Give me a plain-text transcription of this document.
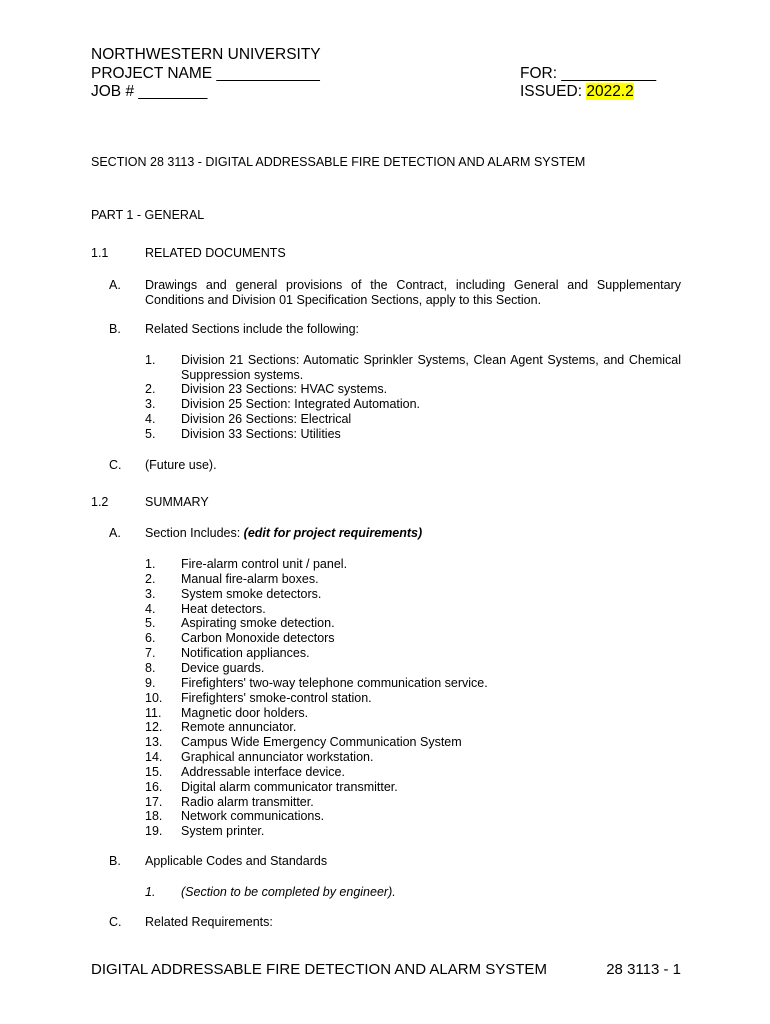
NORTHWESTERN UNIVERSITY
PROJECT NAME ____________
JOB # ________
FOR: ___________
ISSUED: 2022.2
SECTION 28 3113 - DIGITAL ADDRESSABLE FIRE DETECTION AND ALARM SYSTEM
PART 1 - GENERAL
1.1	RELATED DOCUMENTS
A. Drawings and general provisions of the Contract, including General and Supplementary Conditions and Division 01 Specification Sections, apply to this Section.
B. Related Sections include the following:
1. Division 21 Sections: Automatic Sprinkler Systems, Clean Agent Systems, and Chemical Suppression systems.
2. Division 23 Sections: HVAC systems.
3. Division 25 Section: Integrated Automation.
4. Division 26 Sections: Electrical
5. Division 33 Sections: Utilities
C. (Future use).
1.2	SUMMARY
A. Section Includes: (edit for project requirements)
1. Fire-alarm control unit / panel.
2. Manual fire-alarm boxes.
3. System smoke detectors.
4. Heat detectors.
5. Aspirating smoke detection.
6. Carbon Monoxide detectors
7. Notification appliances.
8. Device guards.
9. Firefighters' two-way telephone communication service.
10. Firefighters' smoke-control station.
11. Magnetic door holders.
12. Remote annunciator.
13. Campus Wide Emergency Communication System
14. Graphical annunciator workstation.
15. Addressable interface device.
16. Digital alarm communicator transmitter.
17. Radio alarm transmitter.
18. Network communications.
19. System printer.
B. Applicable Codes and Standards
1. (Section to be completed by engineer).
C. Related Requirements:
DIGITAL ADDRESSABLE FIRE DETECTION AND ALARM SYSTEM	28 3113 - 1
